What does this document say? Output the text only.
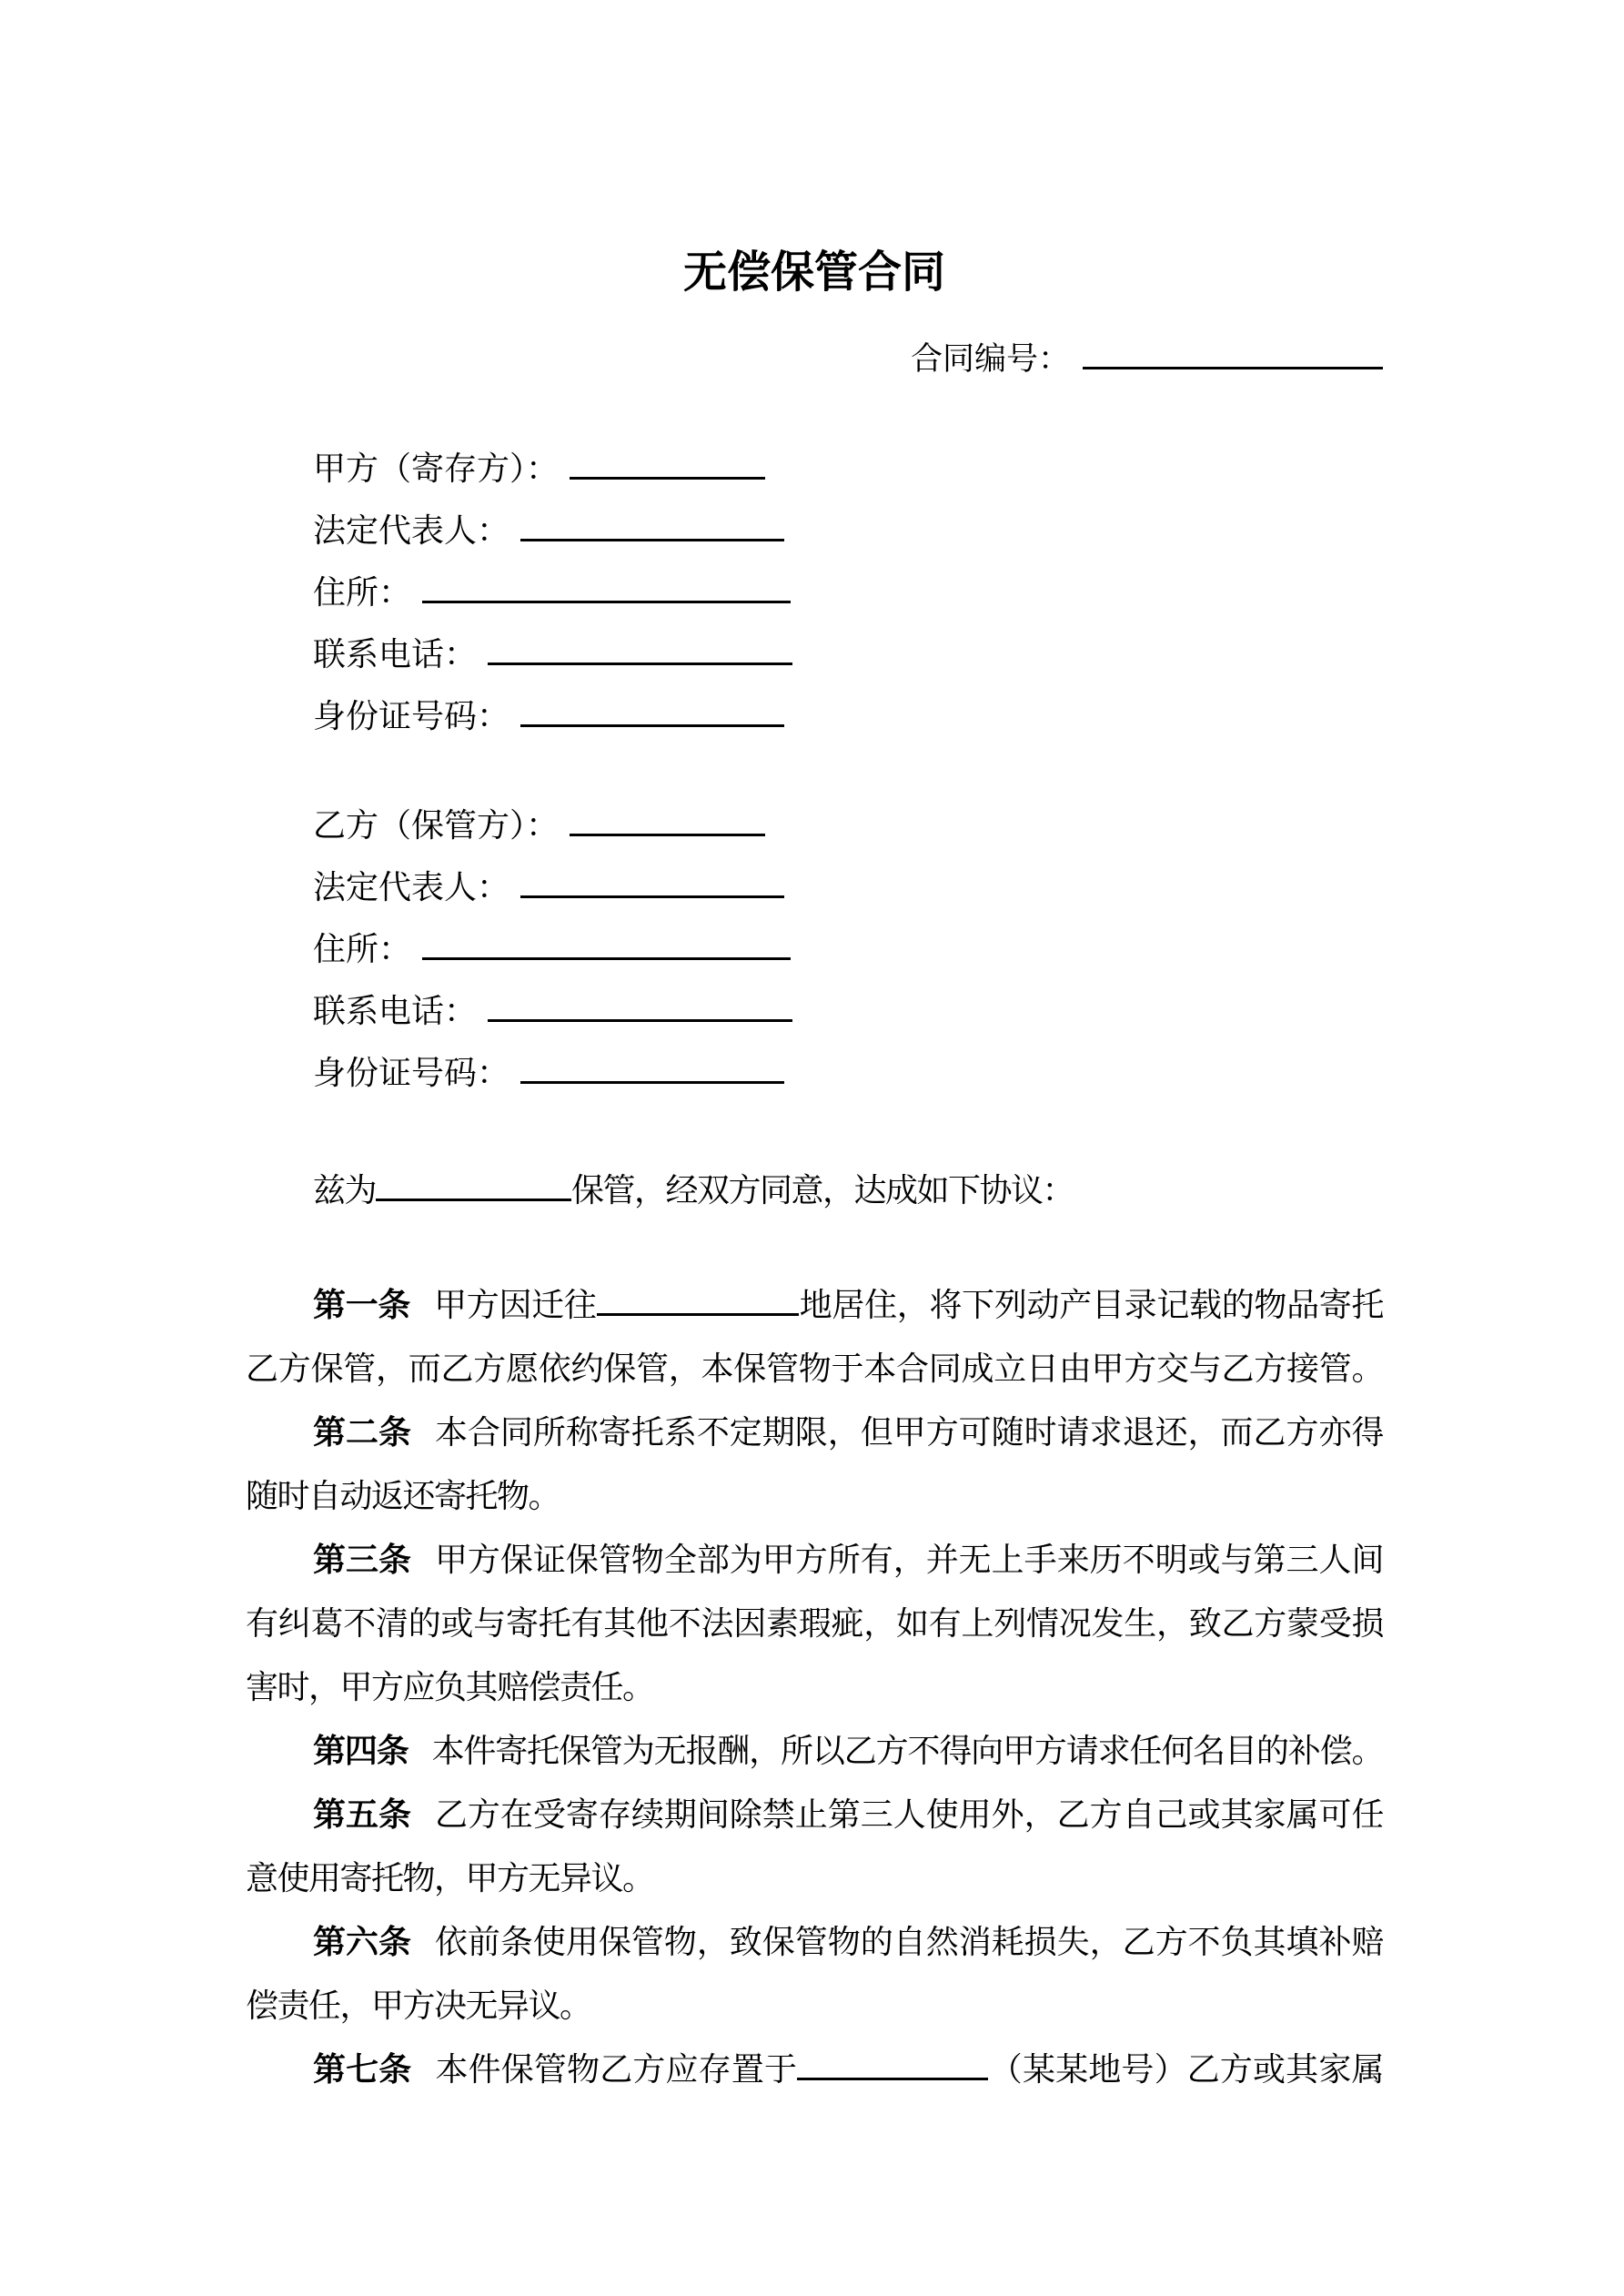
无偿保管合同
合同编号：
甲方（寄存方）：
法定代表人：
住所：
联系电话：
身份证号码：
乙方（保管方）：
法定代表人：
住所：
联系电话：
身份证号码：
兹为	保管，经双方同意，达成如下协议：
第一条 甲方因迁往	地居住，将下列动产目录记载的物品寄托
乙方保管，而乙方愿依约保管，本保管物于本合同成立日由甲方交与乙方接管。
第二条 本合同所称寄托系不定期限，但甲方可随时请求退还，而乙方亦得
随时自动返还寄托物。
第三条 甲方保证保管物全部为甲方所有，并无上手来历不明或与第三人间
有纠葛不清的或与寄托有其他不法因素瑕疵，如有上列情况发生，致乙方蒙受损
害时，甲方应负其赔偿责任。
第四条 本件寄托保管为无报酬，所以乙方不得向甲方请求任何名目的补偿。
第五条 乙方在受寄存续期间除禁止第三人使用外，乙方自己或其家属可任
意使用寄托物，甲方无异议。
第六条 依前条使用保管物，致保管物的自然消耗损失，乙方不负其填补赔
偿责任，甲方决无异议。
第七条 本件保管物乙方应存置于	（某某地号）乙方或其家属
